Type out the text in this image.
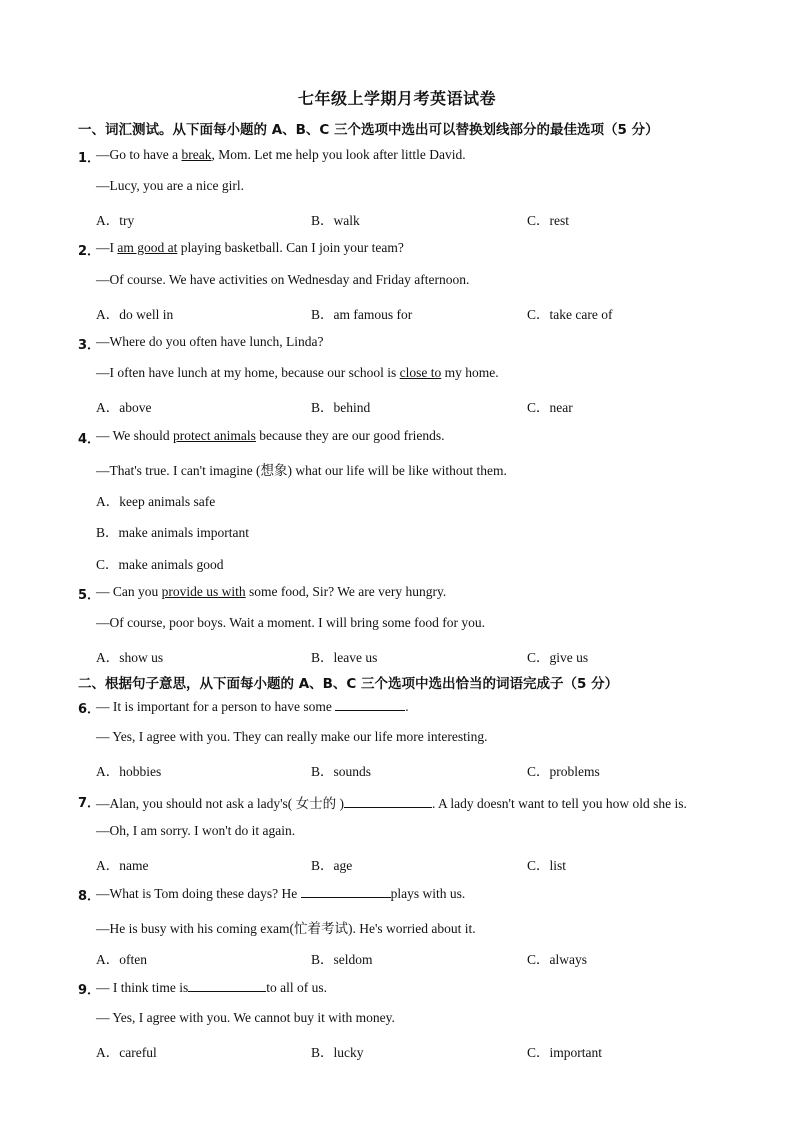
七年级上学期月考英语试卷
一、词汇测试。从下面每小题的 A、B、C 三个选项中选出可以替换划线部分的最佳选项（5 分）
1．
—Go to have a break, Mom. Let me help you look after little David.
—Lucy, you are a nice girl.
A．try	B．walk	C．rest
2．
—I am good at playing basketball. Can I join your team?
—Of course. We have activities on Wednesday and Friday afternoon.
A．do well in	B．am famous for	C．take care of
3．
—Where do you often have lunch, Linda?
—I often have lunch at my home, because our school is close to my home.
A．above	B．behind	C．near
4．
— We should protect animals because they are our good friends.
—That's true. I can't imagine (想象) what our life will be like without them.
A．keep animals safe
B．make animals important
C．make animals good
5．
— Can you provide us with some food, Sir? We are very hungry.
—Of course, poor boys. Wait a moment. I will bring some food for you.
A．show us	B．leave us	C．give us
二、根据句子意思，从下面每小题的 A、B、C 三个选项中选出恰当的词语完成子（5 分）
6．
— It is important for a person to have some	.
— Yes, I agree with you. They can really make our life more interesting.
A．hobbies	B．sounds	C．problems
7．
—Alan, you should not ask a lady's( 女士的 )	. A lady doesn't want to tell you how old she is.
—Oh, I am sorry. I won't do it again.
A．name	B．age	C．list
8．
—What is Tom doing these days? He	plays with us.
—He is busy with his coming exam(忙着考试). He's worried about it.
A．often	B．seldom	C．always
9．
— I think time is	to all of us.
— Yes, I agree with you. We cannot buy it with money.
A．careful	B．lucky	C．important
